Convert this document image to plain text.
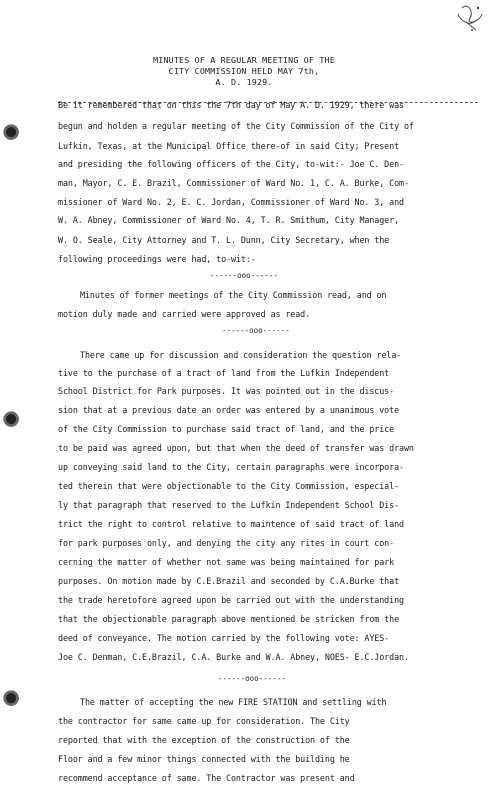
MINUTES OF A REGULAR MEETING OF THE
CITY COMMISSION HELD MAY 7th,
A. D. 1929.
Be it remembered that on this the 7th day of May A. D. 1929, there was
begun and holden a regular meeting of the City Commission of the City of
Lufkin, Texas, at the Municipal Office there-of in said City; Present
and presiding the following officers of the City, to-wit:- Joe C. Den-
man, Mayor, C. E. Brazil, Commissioner of Ward No. 1, C. A. Burke, Com-
missioner of Ward No. 2, E. C. Jordan, Commissioner of Ward No. 3, and
W. A. Abney, Commissioner of Ward No. 4, T. R. Smithum, City Manager,
W. O. Seale, City Attorney and T. L. Dunn, City Secretary, when the
following proceedings were had, to-wit:-
------ooo------
Minutes of former meetings of the City Commission read, and on
motion duly made and carried were approved as read.
------ooo------
There came up for discussion and consideration the question rela-
tive to the purchase of a tract of land from the Lufkin Independent
School District for Park purposes. It was pointed out in the discus-
sion that at a previous date an order was entered by a unanimous vote
of the City Commission to purchase said tract of land, and the price
to be paid was agreed upon, but that when the deed of transfer was drawn
up conveying said land to the City, certain paragraphs were incorpora-
ted therein that were objectionable to the City Commission, especial-
ly that paragraph that reserved to the Lufkin Independent School Dis-
trict the right to control relative to maintence of said tract of land
for park purposes only, and denying the city any rites in court con-
cerning the matter of whether not same was being maintained for park
purposes. On motion made by C.E.Brazil and seconded by C.A.Burke that
the trade heretofore agreed upon be carried out with the understanding
that the objectionable paragraph above mentioned be stricken from the
deed of conveyance. The motion carried by the following vote: AYES-
Joe C. Denman, C.E.Brazil, C.A. Burke and W.A. Abney, NOES- E.C.Jordan.
------ooo------
The matter of accepting the new FIRE STATION and settling with
the contractor for same came up for consideration. The City
reported that with the exception of the construction of the
Floor and a few minor things connected with the building he
recommend acceptance of same. The Contractor was present and
